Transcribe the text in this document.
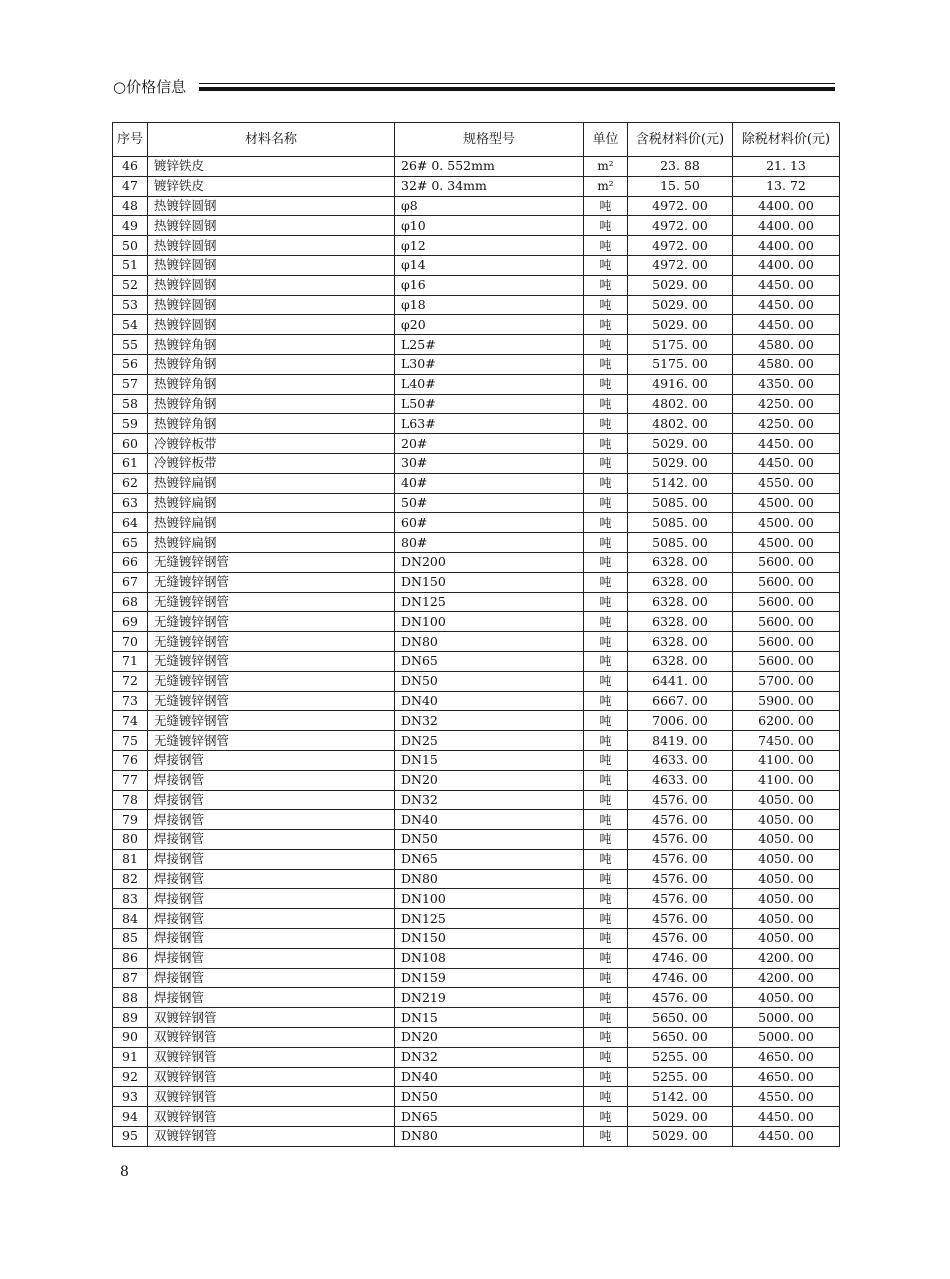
○价格信息
序号	材料名称	规格型号	单位	含税材料价(元)	除税材料价(元)
46	镀锌铁皮	26# 0. 552mm	m²	23. 88	21. 13
47	镀锌铁皮	32# 0. 34mm	m²	15. 50	13. 72
48	热镀锌圆钢	φ8	吨	4972. 00	4400. 00
49	热镀锌圆钢	φ10	吨	4972. 00	4400. 00
50	热镀锌圆钢	φ12	吨	4972. 00	4400. 00
51	热镀锌圆钢	φ14	吨	4972. 00	4400. 00
52	热镀锌圆钢	φ16	吨	5029. 00	4450. 00
53	热镀锌圆钢	φ18	吨	5029. 00	4450. 00
54	热镀锌圆钢	φ20	吨	5029. 00	4450. 00
55	热镀锌角钢	L25#	吨	5175. 00	4580. 00
56	热镀锌角钢	L30#	吨	5175. 00	4580. 00
57	热镀锌角钢	L40#	吨	4916. 00	4350. 00
58	热镀锌角钢	L50#	吨	4802. 00	4250. 00
59	热镀锌角钢	L63#	吨	4802. 00	4250. 00
60	冷镀锌板带	20#	吨	5029. 00	4450. 00
61	冷镀锌板带	30#	吨	5029. 00	4450. 00
62	热镀锌扁钢	40#	吨	5142. 00	4550. 00
63	热镀锌扁钢	50#	吨	5085. 00	4500. 00
64	热镀锌扁钢	60#	吨	5085. 00	4500. 00
65	热镀锌扁钢	80#	吨	5085. 00	4500. 00
66	无缝镀锌钢管	DN200	吨	6328. 00	5600. 00
67	无缝镀锌钢管	DN150	吨	6328. 00	5600. 00
68	无缝镀锌钢管	DN125	吨	6328. 00	5600. 00
69	无缝镀锌钢管	DN100	吨	6328. 00	5600. 00
70	无缝镀锌钢管	DN80	吨	6328. 00	5600. 00
71	无缝镀锌钢管	DN65	吨	6328. 00	5600. 00
72	无缝镀锌钢管	DN50	吨	6441. 00	5700. 00
73	无缝镀锌钢管	DN40	吨	6667. 00	5900. 00
74	无缝镀锌钢管	DN32	吨	7006. 00	6200. 00
75	无缝镀锌钢管	DN25	吨	8419. 00	7450. 00
76	焊接钢管	DN15	吨	4633. 00	4100. 00
77	焊接钢管	DN20	吨	4633. 00	4100. 00
78	焊接钢管	DN32	吨	4576. 00	4050. 00
79	焊接钢管	DN40	吨	4576. 00	4050. 00
80	焊接钢管	DN50	吨	4576. 00	4050. 00
81	焊接钢管	DN65	吨	4576. 00	4050. 00
82	焊接钢管	DN80	吨	4576. 00	4050. 00
83	焊接钢管	DN100	吨	4576. 00	4050. 00
84	焊接钢管	DN125	吨	4576. 00	4050. 00
85	焊接钢管	DN150	吨	4576. 00	4050. 00
86	焊接钢管	DN108	吨	4746. 00	4200. 00
87	焊接钢管	DN159	吨	4746. 00	4200. 00
88	焊接钢管	DN219	吨	4576. 00	4050. 00
89	双镀锌钢管	DN15	吨	5650. 00	5000. 00
90	双镀锌钢管	DN20	吨	5650. 00	5000. 00
91	双镀锌钢管	DN32	吨	5255. 00	4650. 00
92	双镀锌钢管	DN40	吨	5255. 00	4650. 00
93	双镀锌钢管	DN50	吨	5142. 00	4550. 00
94	双镀锌钢管	DN65	吨	5029. 00	4450. 00
95	双镀锌钢管	DN80	吨	5029. 00	4450. 00
8
